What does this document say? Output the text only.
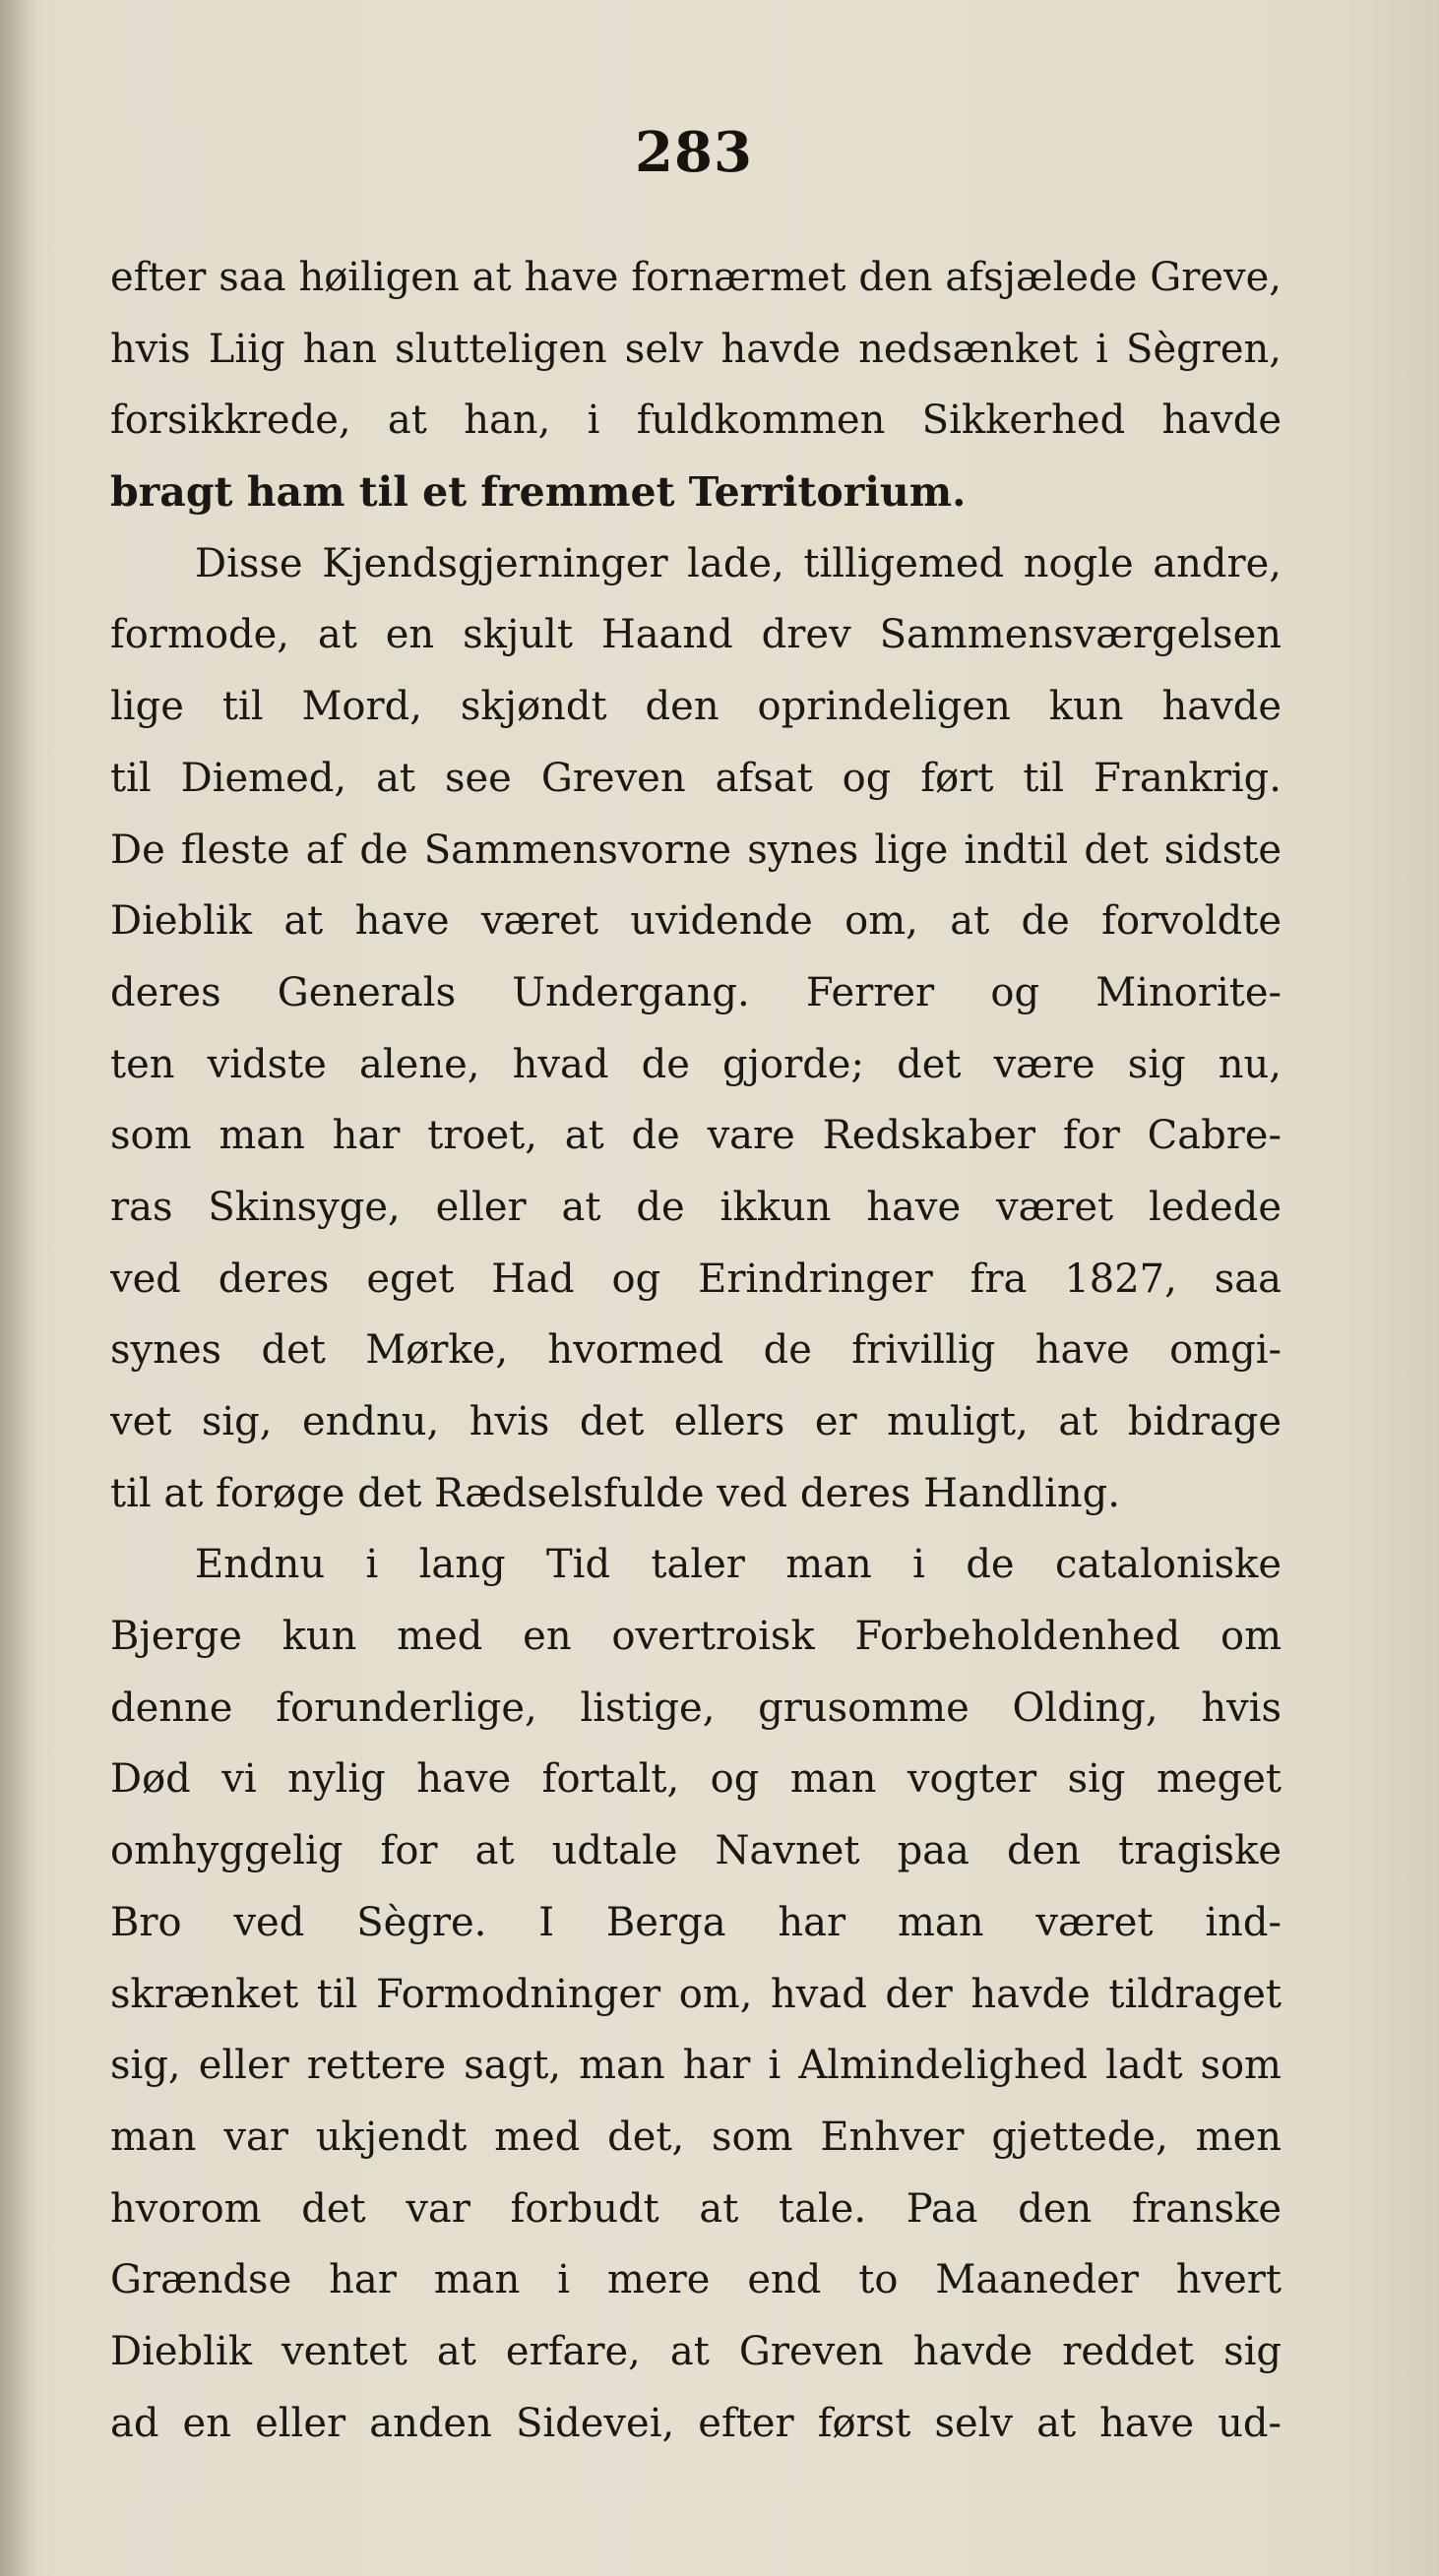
283
efter saa høiligen at have fornærmet den afsjælede Greve,
hvis Liig han slutteligen selv havde nedsænket i Sègren,
forsikkrede, at han, i fuldkommen Sikkerhed havde
bragt ham til et fremmet Territorium.
Disse Kjendsgjerninger lade, tilligemed nogle andre,
formode, at en skjult Haand drev Sammensværgelsen
lige til Mord, skjøndt den oprindeligen kun havde
til Diemed, at see Greven afsat og ført til Frankrig.
De fleste af de Sammensvorne synes lige indtil det sidste
Dieblik at have været uvidende om, at de forvoldte
deres Generals Undergang. Ferrer og Minorite-
ten vidste alene, hvad de gjorde; det være sig nu,
som man har troet, at de vare Redskaber for Cabre-
ras Skinsyge, eller at de ikkun have været ledede
ved deres eget Had og Erindringer fra 1827, saa
synes det Mørke, hvormed de frivillig have omgi-
vet sig, endnu, hvis det ellers er muligt, at bidrage
til at forøge det Rædselsfulde ved deres Handling.
Endnu i lang Tid taler man i de cataloniske
Bjerge kun med en overtroisk Forbeholdenhed om
denne forunderlige, listige, grusomme Olding, hvis
Død vi nylig have fortalt, og man vogter sig meget
omhyggelig for at udtale Navnet paa den tragiske
Bro ved Sègre. I Berga har man været ind-
skrænket til Formodninger om, hvad der havde tildraget
sig, eller rettere sagt, man har i Almindelighed ladt som
man var ukjendt med det, som Enhver gjettede, men
hvorom det var forbudt at tale. Paa den franske
Grændse har man i mere end to Maaneder hvert
Dieblik ventet at erfare, at Greven havde reddet sig
ad en eller anden Sidevei, efter først selv at have ud-
